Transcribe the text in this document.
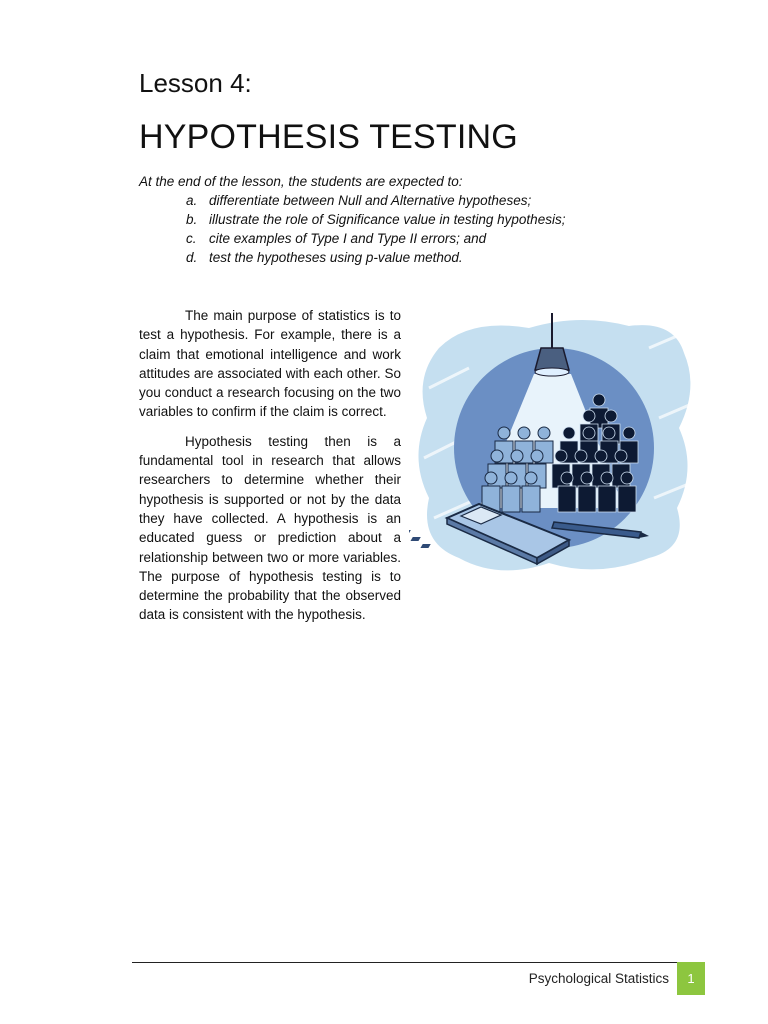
Lesson 4:
HYPOTHESIS TESTING
At the end of the lesson, the students are expected to:
a. differentiate between Null and Alternative hypotheses;
b. illustrate the role of Significance value in testing hypothesis;
c. cite examples of Type I and Type II errors; and
d. test the hypotheses using p-value method.

The main purpose of statistics is to test a hypothesis. For example, there is a claim that emotional intelligence and work attitudes are associated with each other. So you conduct a research focusing on the two variables to confirm if the claim is correct.

Hypothesis testing then is a fundamental tool in research that allows researchers to determine whether their hypothesis is supported or not by the data they have collected. A hypothesis is an educated guess or prediction about a relationship between two or more variables. The purpose of hypothesis testing is to determine the probability that the observed data is consistent with the hypothesis.

Psychological Statistics	1
